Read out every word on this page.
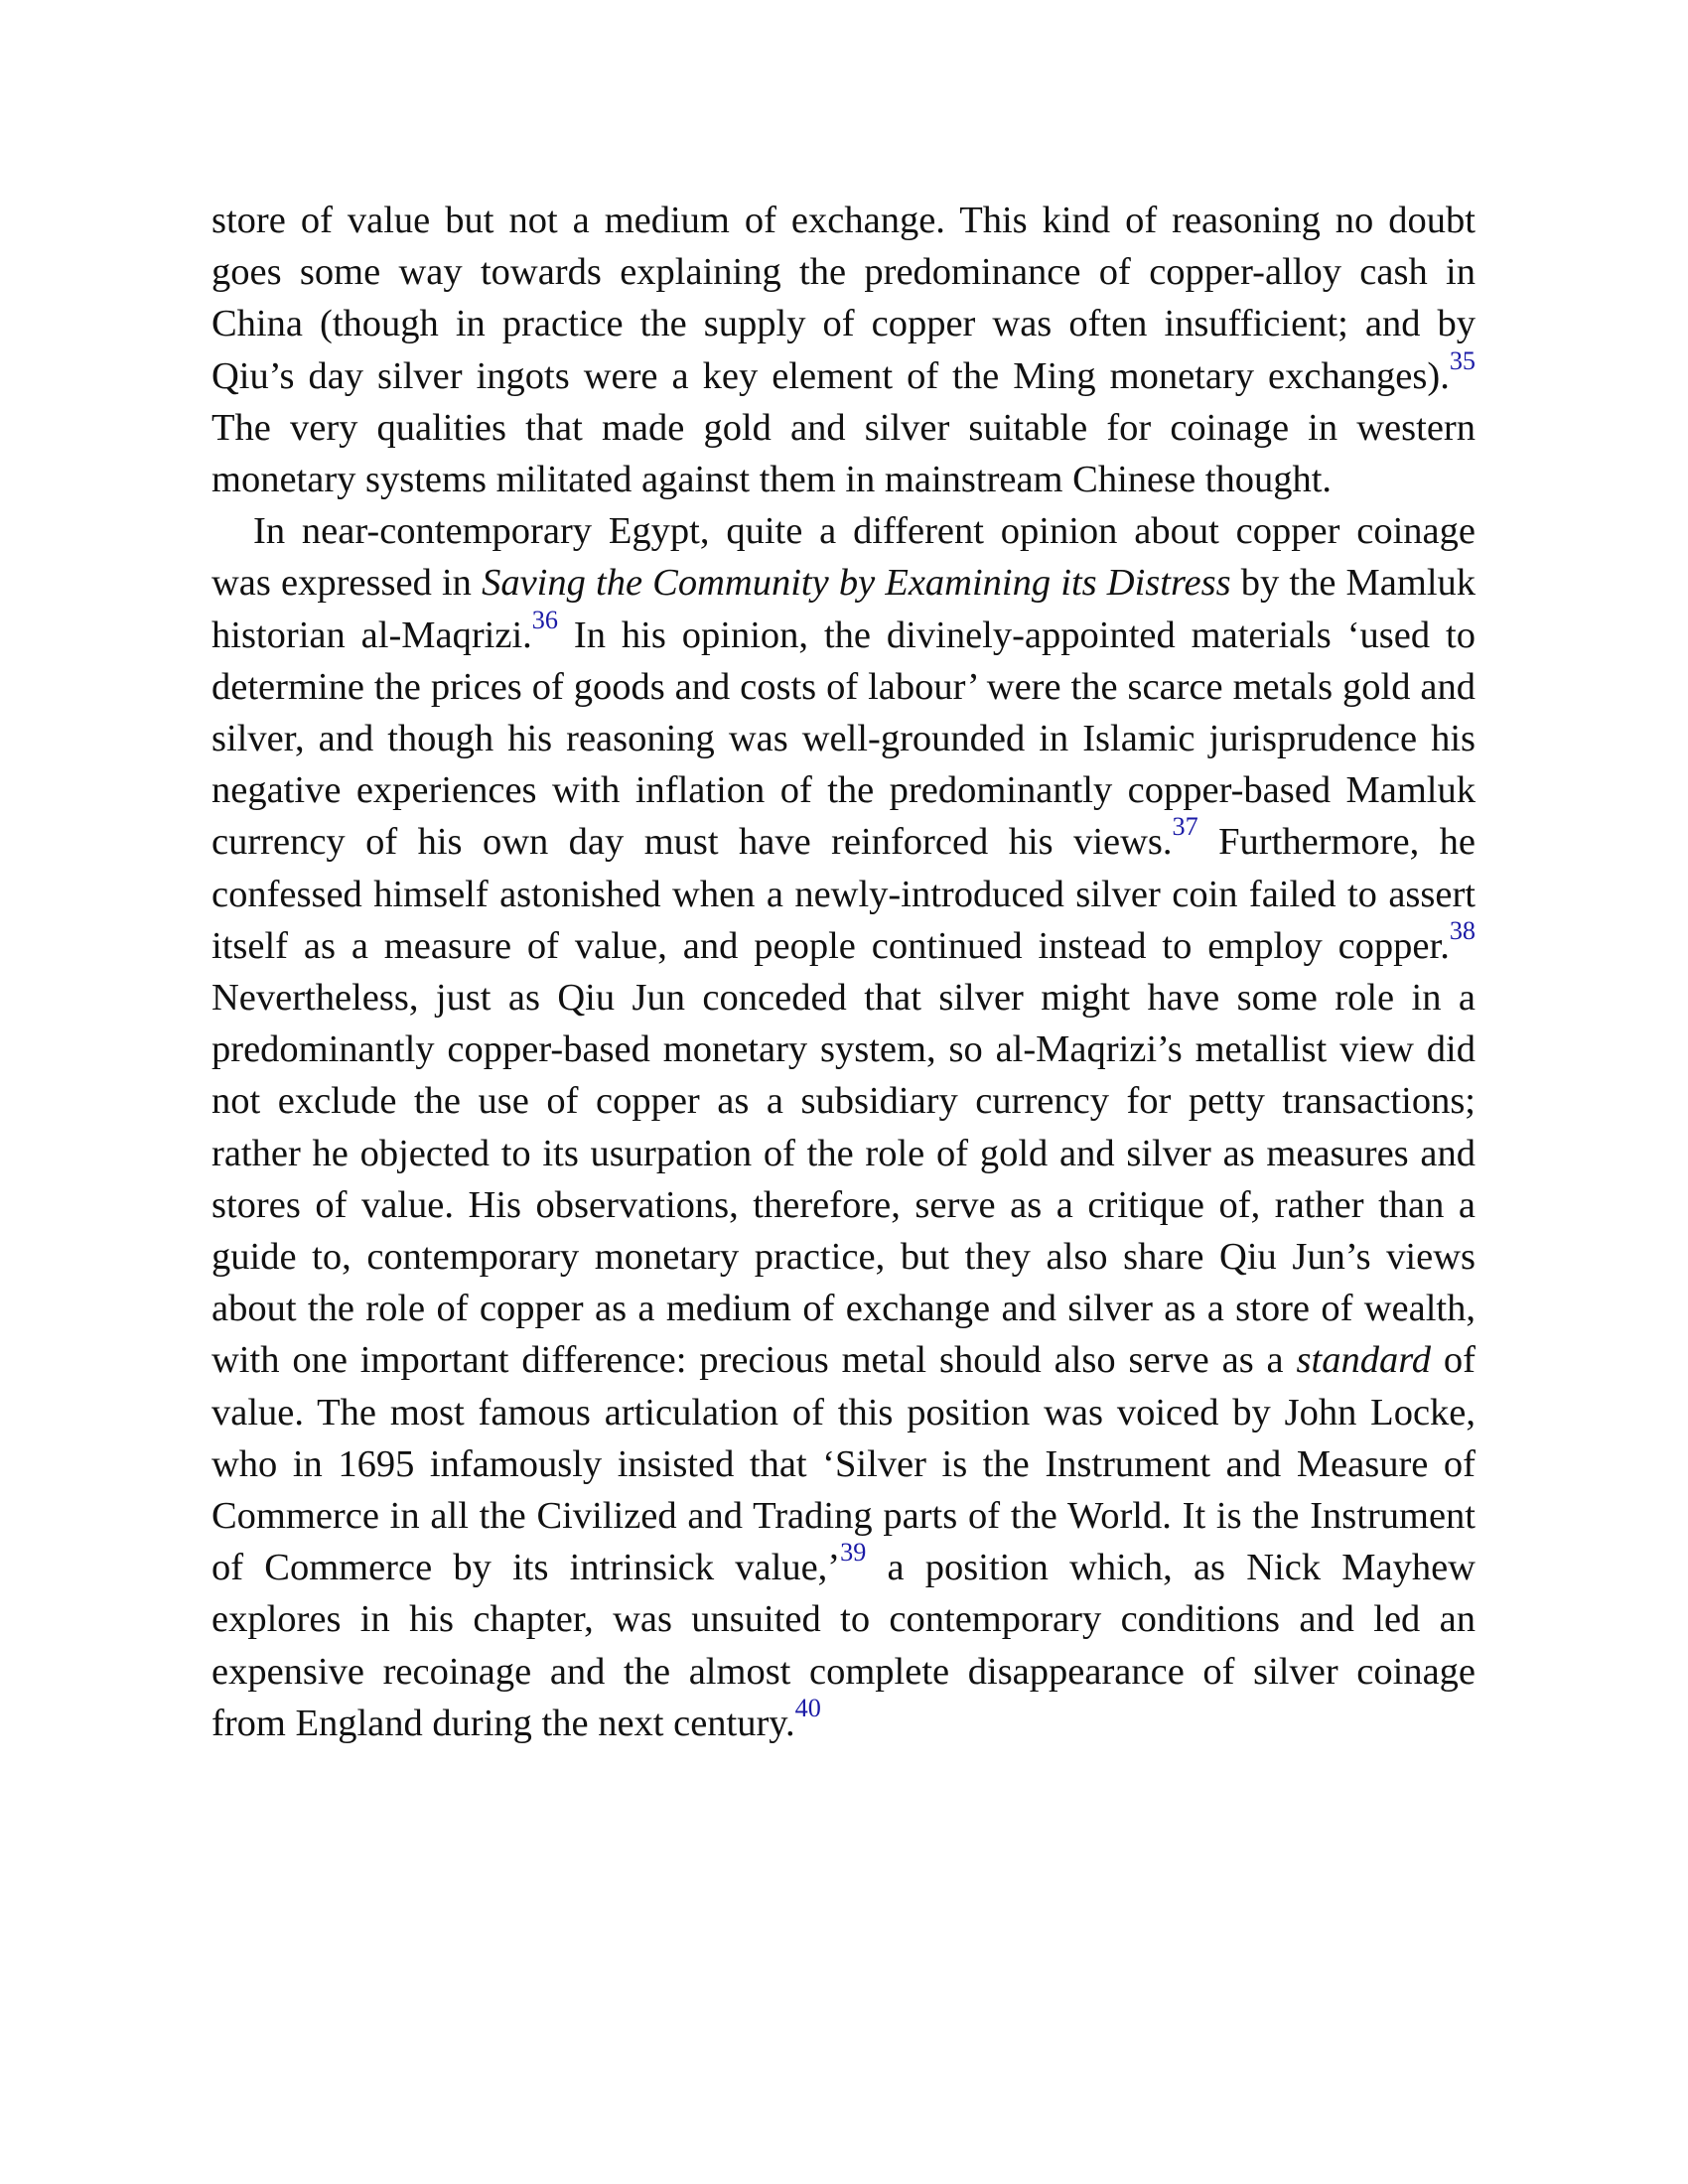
store of value but not a medium of exchange. This kind of reasoning no doubt goes some way towards explaining the predominance of copper-alloy cash in China (though in practice the supply of copper was often insufficient; and by Qiu’s day silver ingots were a key element of the Ming monetary exchanges).$^{35}$ The very qualities that made gold and silver suitable for coinage in western monetary systems militated against them in mainstream Chinese thought.

In near-contemporary Egypt, quite a different opinion about copper coinage was expressed in Saving the Community by Examining its Distress by the Mamluk historian al-Maqrizi.$^{36}$ In his opinion, the divinely-appointed materials ‘used to determine the prices of goods and costs of labour’ were the scarce metals gold and silver, and though his reasoning was well-grounded in Islamic jurisprudence his negative experiences with inflation of the predominantly copper-based Mamluk currency of his own day must have reinforced his views.$^{37}$ Furthermore, he confessed himself astonished when a newly-introduced silver coin failed to assert itself as a measure of value, and people continued instead to employ copper.$^{38}$ Nevertheless, just as Qiu Jun conceded that silver might have some role in a predominantly copper-based monetary system, so al-Maqrizi’s metallist view did not exclude the use of copper as a subsidiary currency for petty transactions; rather he objected to its usurpation of the role of gold and silver as measures and stores of value. His observations, therefore, serve as a critique of, rather than a guide to, contemporary monetary practice, but they also share Qiu Jun’s views about the role of copper as a medium of exchange and silver as a store of wealth, with one important difference: precious metal should also serve as a standard of value. The most famous articulation of this position was voiced by John Locke, who in 1695 infamously insisted that ‘Silver is the Instrument and Measure of Commerce in all the Civilized and Trading parts of the World. It is the Instrument of Commerce by its intrinsick value,’$^{39}$ a position which, as Nick Mayhew explores in his chapter, was unsuited to contemporary conditions and led an expensive recoinage and the almost complete disappearance of silver coinage from England during the next century.$^{40}$
